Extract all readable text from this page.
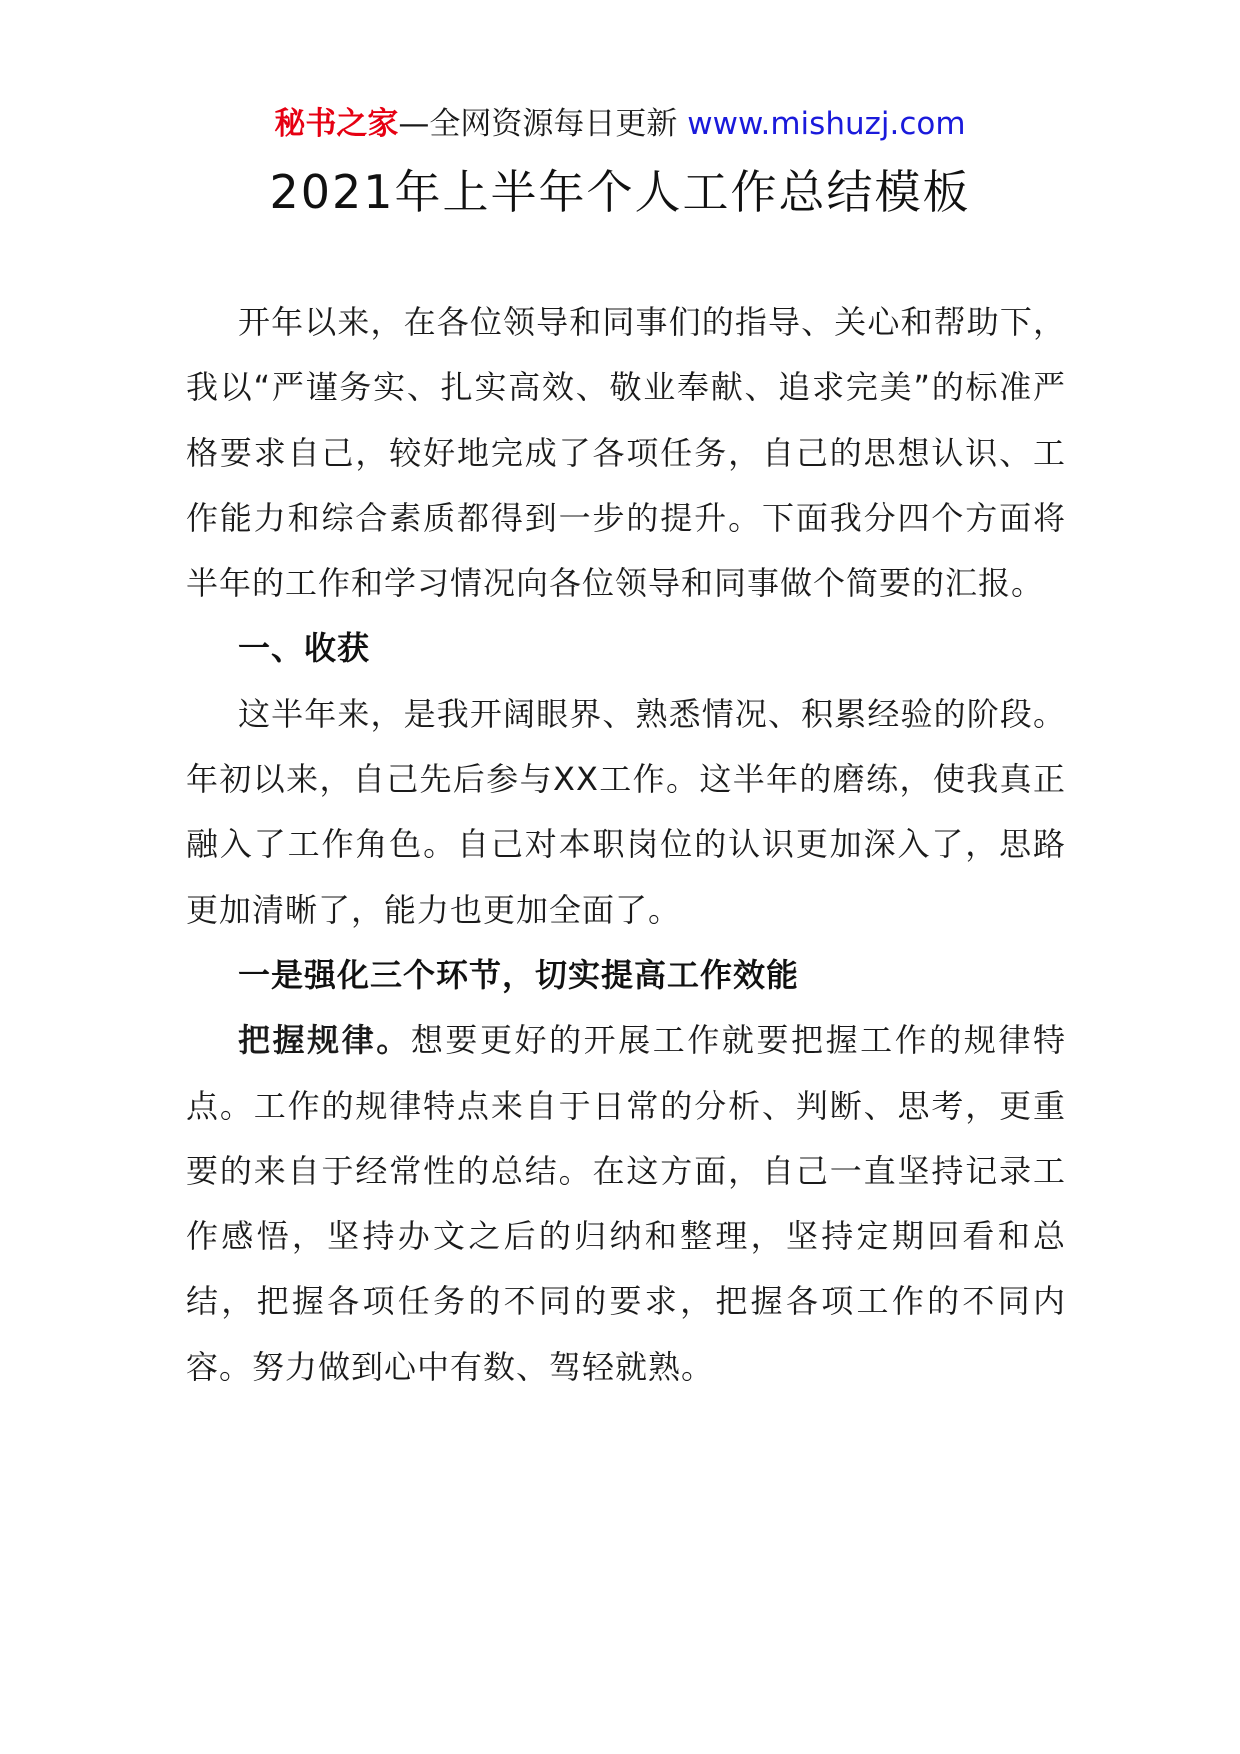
秘书之家—全网资源每日更新 www.mishuzj.com
2021年上半年个人工作总结模板

开年以来，在各位领导和同事们的指导、关心和帮助下，我以“严谨务实、扎实高效、敬业奉献、追求完美”的标准严格要求自己，较好地完成了各项任务，自己的思想认识、工作能力和综合素质都得到一步的提升。下面我分四个方面将半年的工作和学习情况向各位领导和同事做个简要的汇报。

一、收获

这半年来，是我开阔眼界、熟悉情况、积累经验的阶段。年初以来，自己先后参与XX工作。这半年的磨练，使我真正融入了工作角色。自己对本职岗位的认识更加深入了，思路更加清晰了，能力也更加全面了。

一是强化三个环节，切实提高工作效能

把握规律。想要更好的开展工作就要把握工作的规律特点。工作的规律特点来自于日常的分析、判断、思考，更重要的来自于经常性的总结。在这方面，自己一直坚持记录工作感悟，坚持办文之后的归纳和整理，坚持定期回看和总结，把握各项任务的不同的要求，把握各项工作的不同内容。努力做到心中有数、驾轻就熟。
